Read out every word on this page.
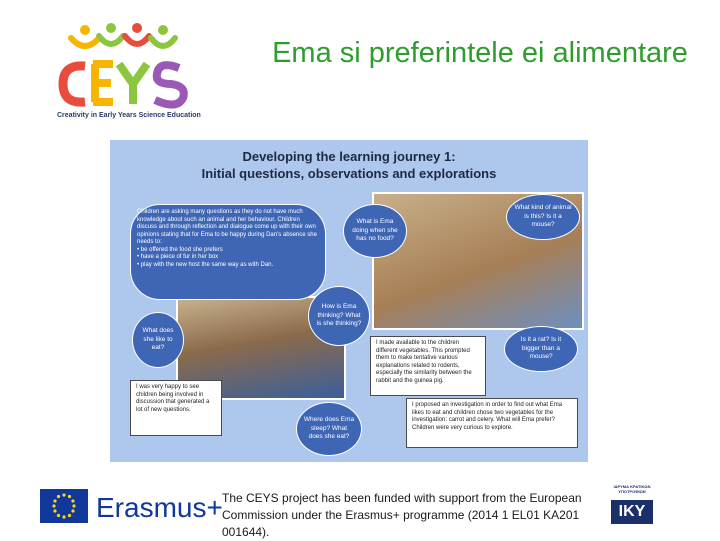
Creativity in Early Years Science Education
Ema si preferintele ei alimentare
Developing the learning journey 1:
Initial questions, observations and explorations
Children are asking many questions as they do not have much knowledge about such an animal and her behaviour. Children discuss and through reflection and dialogue come up with their own opinions stating that for Ema to be happy during Dan's absence she needs to:
• be offered the food she prefers
• have a piece of fur in her box
• play with the new host the same way as with Dan.
What is Ema doing when she has no food?
What kind of animal is this? Is it a mouse?
How is Ema thinking? What is she thinking?
What does she like to eat?
Is it a rat? Is it bigger than a mouse?
I made available to the children different vegetables. This prompted them to make tentative various explanations related to rodents, especially the similarity between the rabbit and the guinea pig.
I was very happy to see children being involved in discussion that generated a lot of new questions.
Where does Ema sleep? What does she eat?
I proposed an investigation in order to find out what Ema likes to eat and children chose two vegetables for the investigation: carrot and celery. What will Ema prefer? Children were very curious to explore.
Erasmus+ The CEYS project has been funded with support from the European
Commission under the Erasmus+ programme (2014 1 EL01 KA201 001644).
ΙΔΡΥΜΑ ΚΡΑΤΙΚΩΝ ΥΠΟΤΡΟΦΙΩΝ
IKY
